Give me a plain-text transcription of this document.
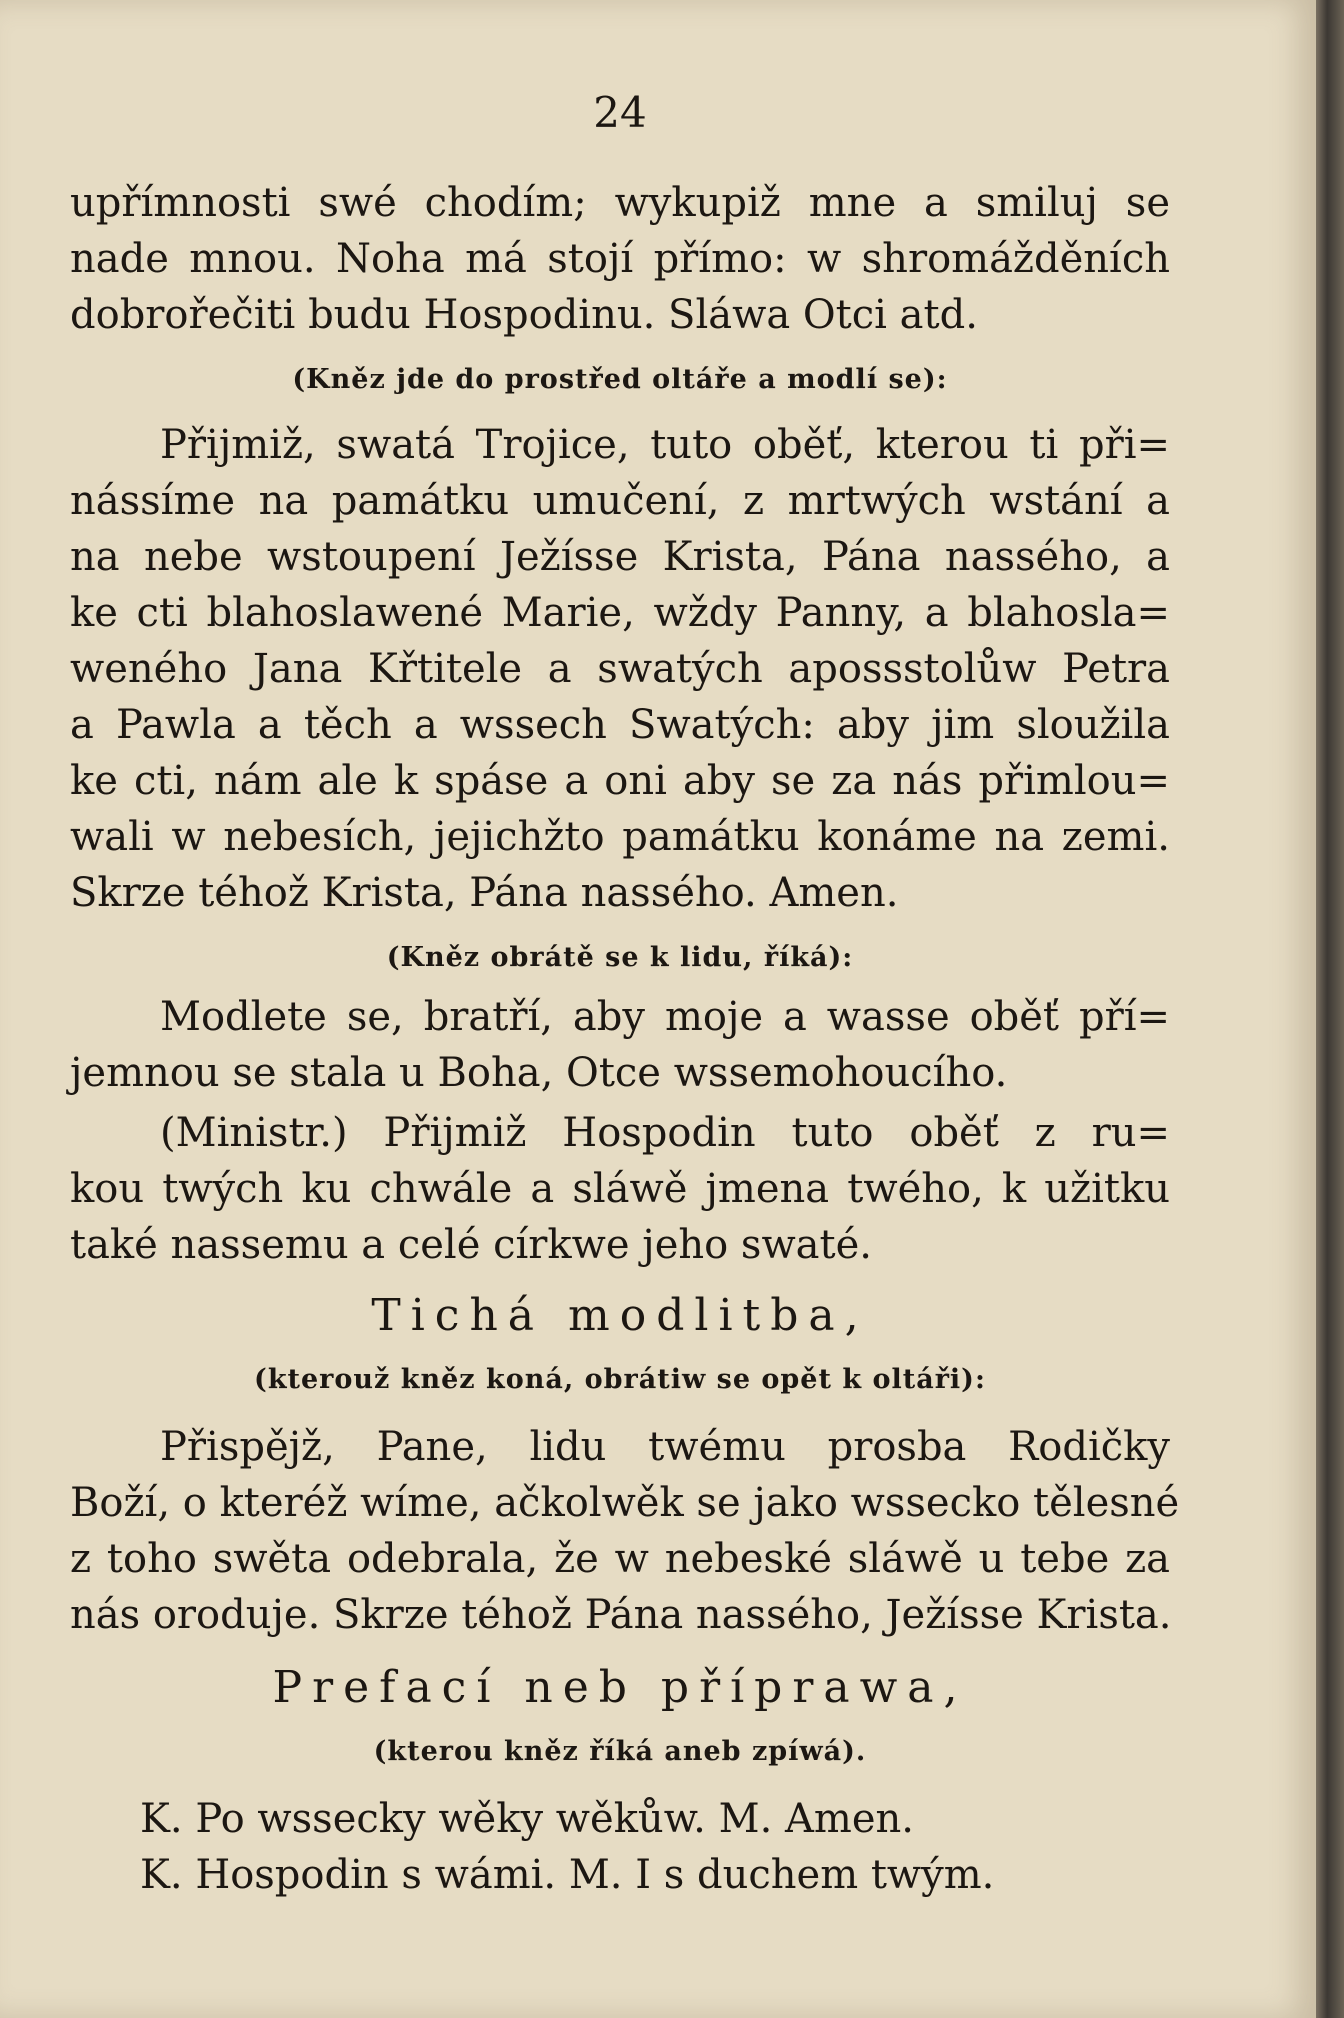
24
upřímnosti swé chodím; wykupiž mne a smiluj se
nade mnou. Noha má stojí přímo: w shromážděních
dobrořečiti budu Hospodinu. Sláwa Otci atd.
(Kněz jde do prostřed oltáře a modlí se):
Přijmiž, swatá Trojice, tuto oběť, kterou ti při=
nássíme na památku umučení, z mrtwých wstání a
na nebe wstoupení Ježísse Krista, Pána nassého, a
ke cti blahoslawené Marie, wždy Panny, a blahosla=
weného Jana Křtitele a swatých apossstolůw Petra
a Pawla a těch a wssech Swatých: aby jim sloužila
ke cti, nám ale k spáse a oni aby se za nás přimlou=
wali w nebesích, jejichžto památku konáme na zemi.
Skrze téhož Krista, Pána nassého. Amen.
(Kněz obrátě se k lidu, říká):
Modlete se, bratří, aby moje a wasse oběť pří=
jemnou se stala u Boha, Otce wssemohoucího.
(Ministr.) Přijmiž Hospodin tuto oběť z ru=
kou twých ku chwále a sláwě jmena twého, k užitku
také nassemu a celé církwe jeho swaté.
Tichá modlitba,
(kterouž kněz koná, obrátiw se opět k oltáři):
Přispějž, Pane, lidu twému prosba Rodičky
Boží, o kteréž wíme, ačkolwěk se jako wssecko tělesné
z toho swěta odebrala, že w nebeské sláwě u tebe za
nás oroduje. Skrze téhož Pána nassého, Ježísse Krista.
Prefací neb příprawa,
(kterou kněz říká aneb zpíwá).
K. Po wssecky wěky wěkůw. M. Amen.
K. Hospodin s wámi. M. I s duchem twým.
